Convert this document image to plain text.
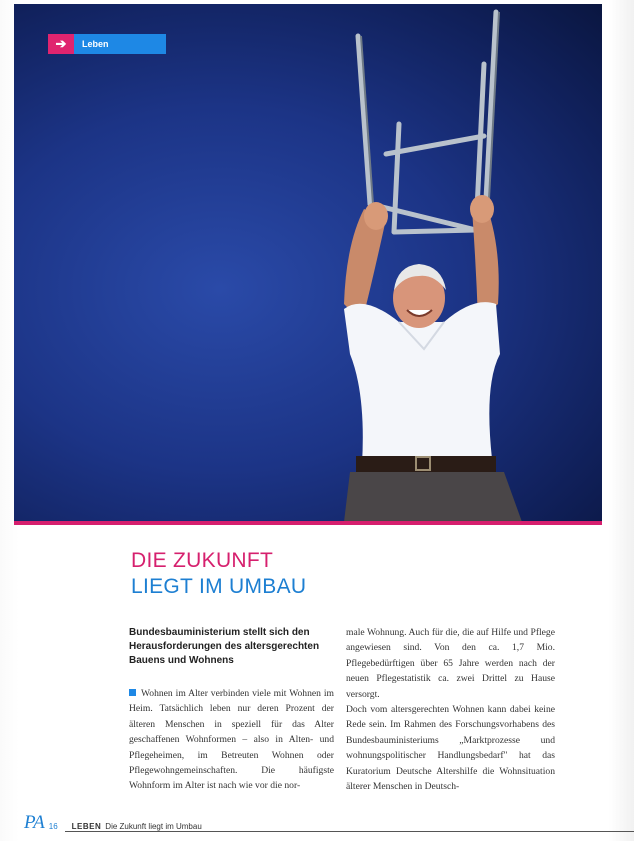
➔	Leben
DIE ZUKUNFT
LIEGT IM UMBAU
Bundesbauministerium stellt sich den Herausforderungen des altersgerechten Bauens und Wohnens

Wohnen im Alter verbinden viele mit Wohnen im Heim. Tatsächlich leben nur deren Prozent der älteren Menschen in speziell für das Alter geschaffenen Wohnformen – also in Alten- und Pflegeheimen, im Betreuten Wohnen oder Pflegewohngemeinschaften. Die häufigste Wohnform im Alter ist nach wie vor die nor-

male Wohnung. Auch für die, die auf Hilfe und Pflege angewiesen sind. Von den ca. 1,7 Mio. Pflegebedürftigen über 65 Jahre werden nach der neuen Pflegestatistik ca. zwei Drittel zu Hause versorgt.

Doch vom altersgerechten Wohnen kann dabei keine Rede sein. Im Rahmen des Forschungsvorhabens des Bundesbauministeriums „Marktprozesse und wohnungspolitischer Handlungsbedarf" hat das Kuratorium Deutsche Altershilfe die Wohnsituation älterer Menschen in Deutsch-

PA 16 LEBEN Die Zukunft liegt im Umbau
